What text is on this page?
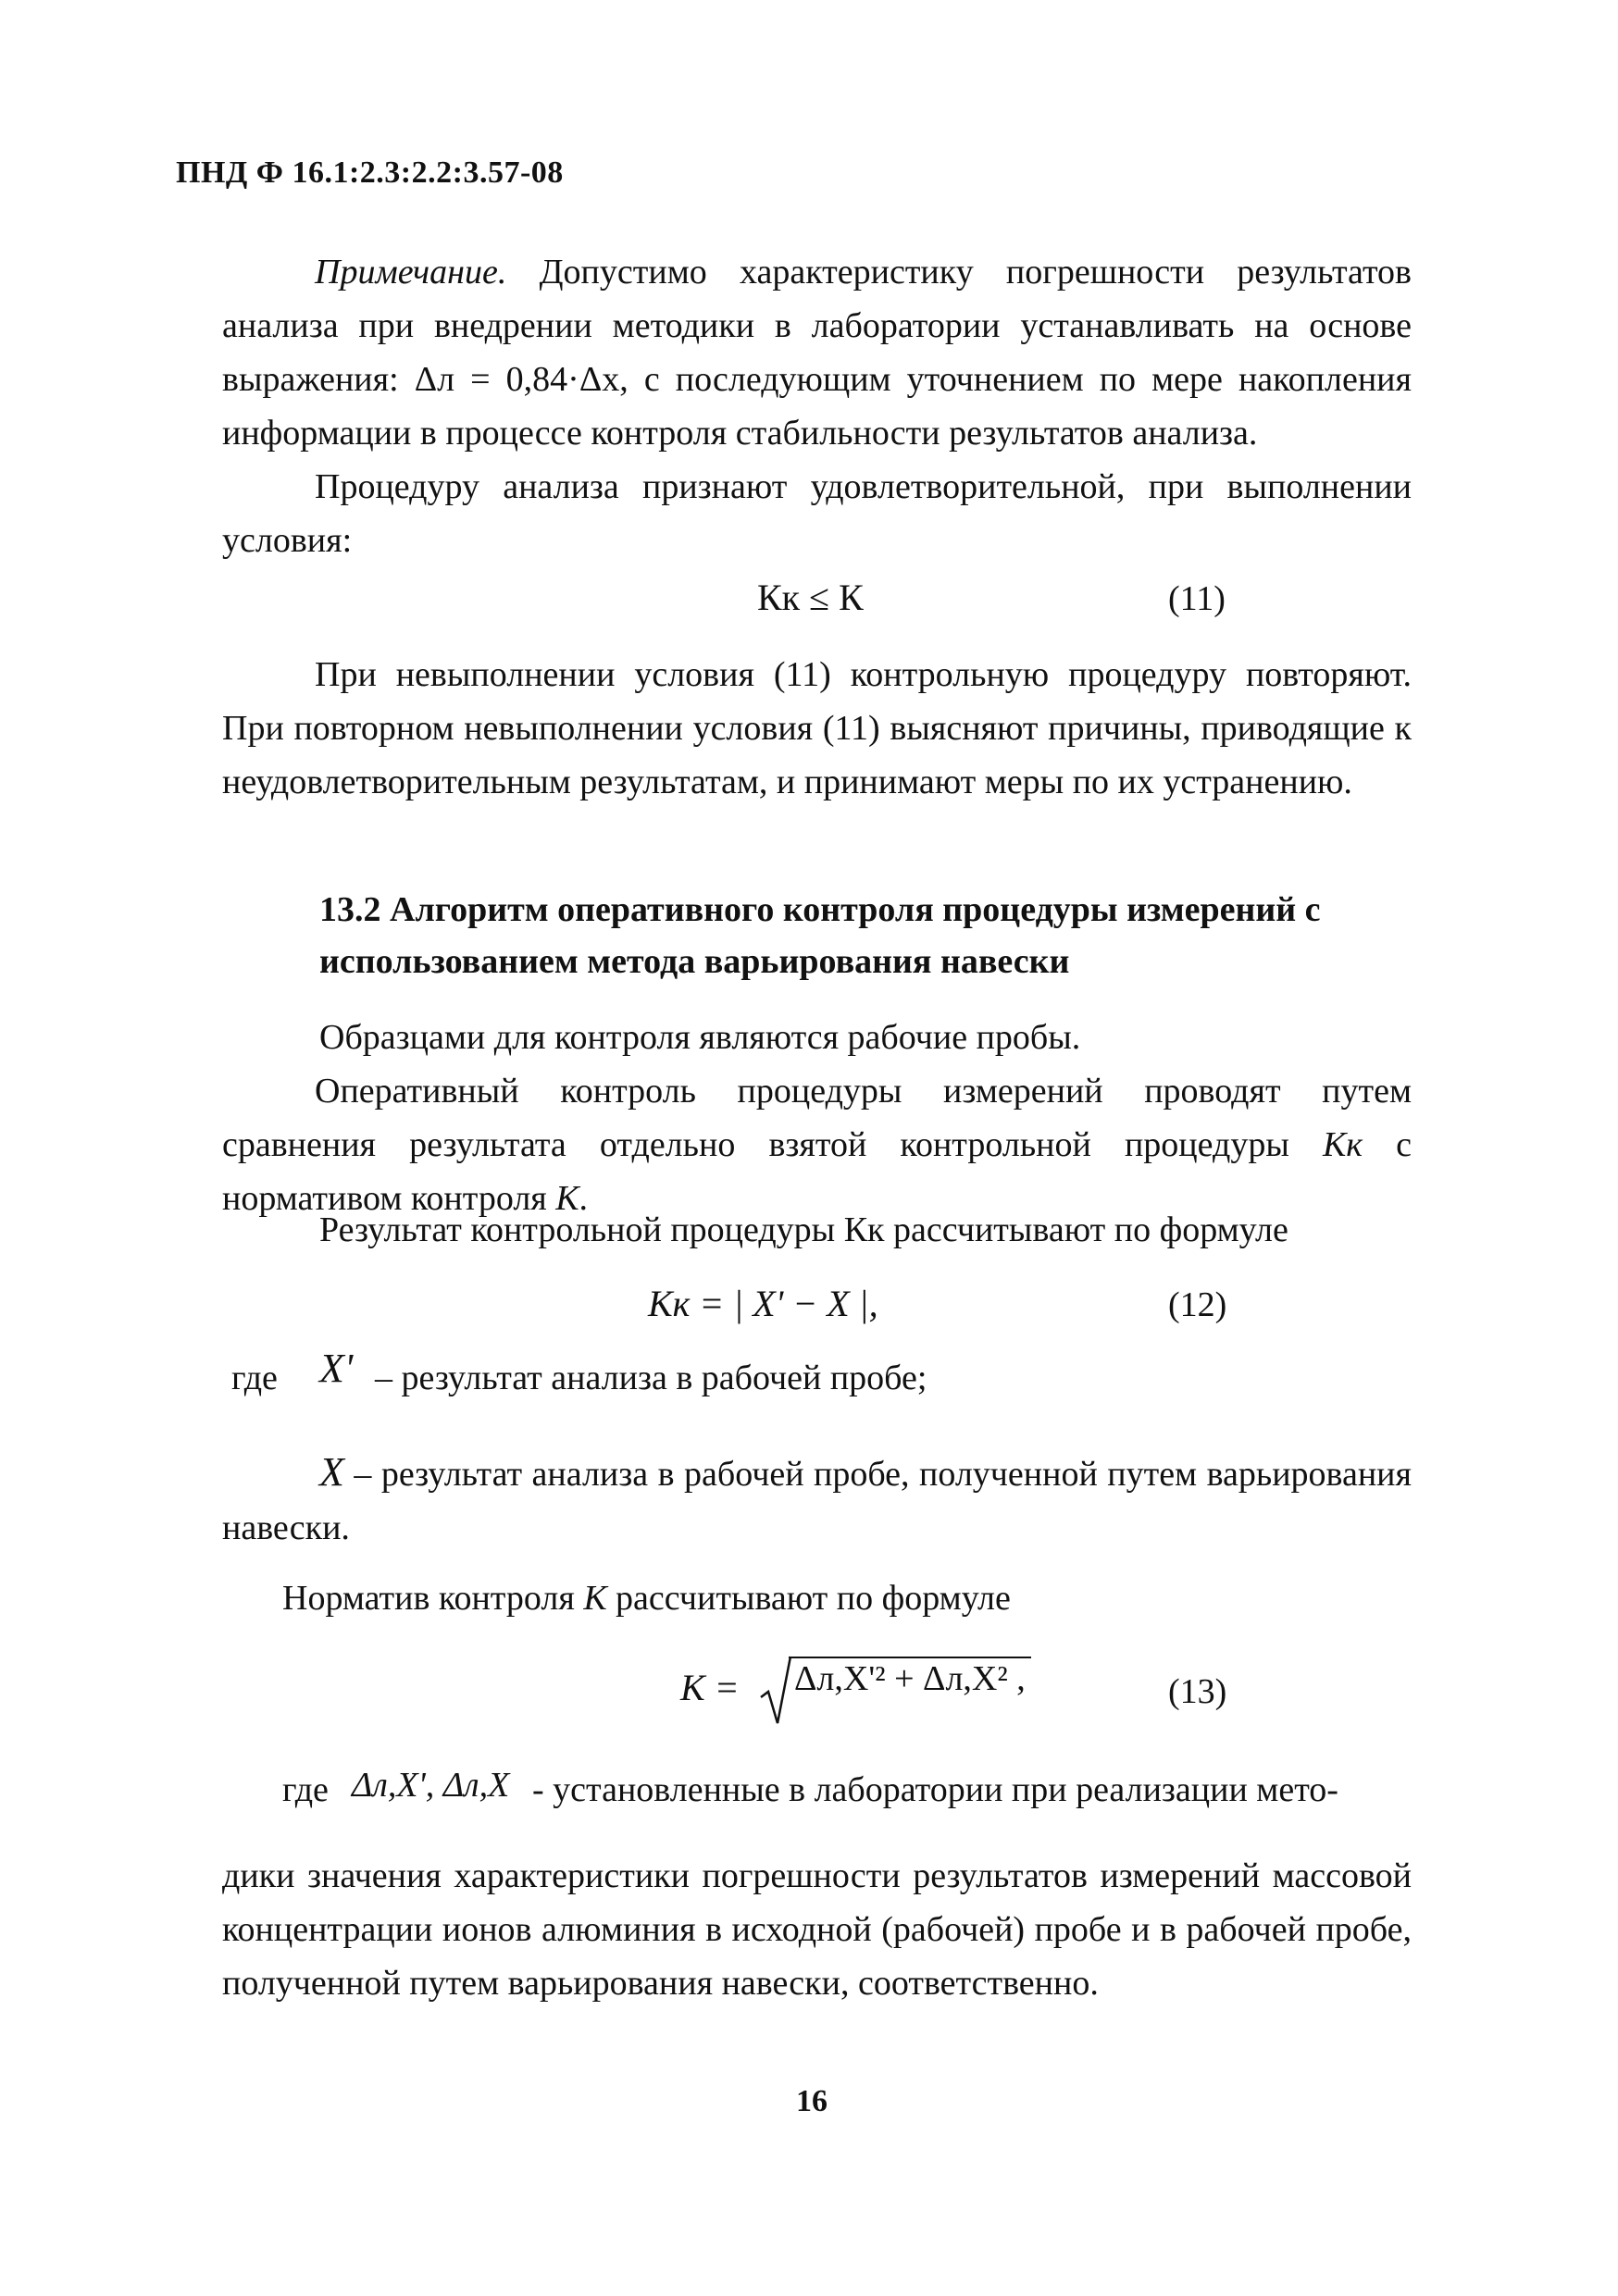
ПНД Ф 16.1:2.3:2.2:3.57-08
Примечание. Допустимо характеристику погрешности результатов анализа при внедрении методики в лаборатории устанавливать на основе выражения: Δл = 0,84·Δх, с последующим уточнением по мере накопления информации в процессе контроля стабильности результатов анализа.
Процедуру анализа признают удовлетворительной, при выполнении условия:
Кк ≤ К	(11)
При невыполнении условия (11) контрольную процедуру повторяют. При повторном невыполнении условия (11) выясняют причины, приводящие к неудовлетворительным результатам, и принимают меры по их устранению.
13.2 Алгоритм оперативного контроля процедуры измерений с использованием метода варьирования навески
Образцами для контроля являются рабочие пробы.
Оперативный контроль процедуры измерений проводят путем сравнения результата отдельно взятой контрольной процедуры Кк с нормативом контроля К.
Результат контрольной процедуры Кк рассчитывают по формуле
Кк = | X' − X |,	(12)
где X' – результат анализа в рабочей пробе;
X – результат анализа в рабочей пробе, полученной путем варьирования навески.
Норматив контроля К рассчитывают по формуле
К = Δл,X'² + Δл,X² ,	(13)
где Δл,X', Δл,X - установленные в лаборатории при реализации мето-
дики значения характеристики погрешности результатов измерений массовой концентрации ионов алюминия в исходной (рабочей) пробе и в рабочей пробе, полученной путем варьирования навески, соответственно.
16
